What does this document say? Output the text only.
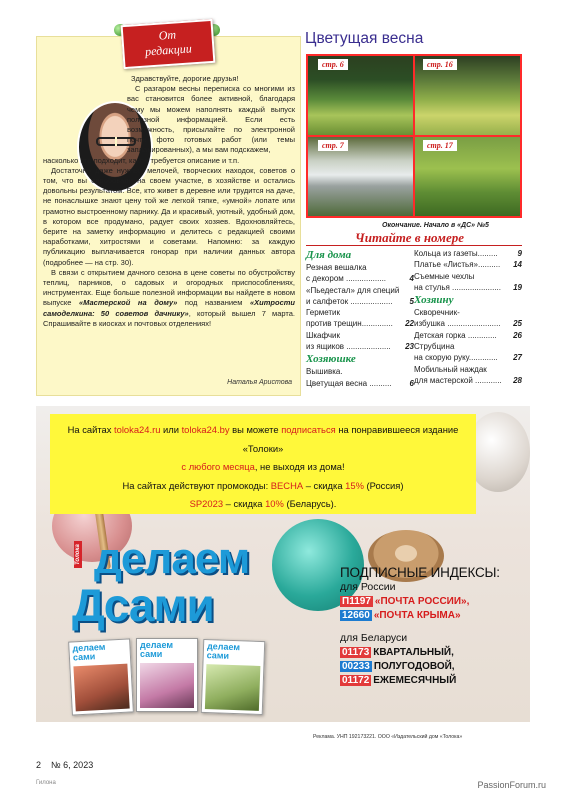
Здравствуйте, дорогие друзья!

С разгаром весны переписка со многими из вас становится более активной, благодаря чему мы можем наполнять каждый выпуск полезной информацией. Если есть возможность, присылайте по электронной почте фото готовых работ (или темы запланированных), а мы вам подскажем,

насколько это подходит, какое требуется описание и т.п.

Достаточно даже нужных мелочей, творческих находок, советов о том, что вы опробовали на своем участке, в хозяйстве и остались довольны результатом. Все, кто живет в деревне или трудится на даче, не понаслышке знают цену той же легкой тяпке, «умной» лопате или грамотно выстроенному парнику. Да и красивый, уютный, удобный дом, в котором все продумано, радует своих хозяев. Вдохновляйтесь, берите на заметку информацию и делитесь с редакцией своими наработками, хитростями и советами. Напомню: за каждую публикацию выплачивается гонорар при наличии данных автора (подробнее — на стр. 30).

В связи с открытием дачного сезона в цене советы по обустройству теплиц, парников, о садовых и огородных приспособлениях, инструментах. Еще больше полезной информации вы найдете в новом выпуске «Мастерской на дому» под названием «Хитрости самоделкина: 50 советов дачнику», который вышел 7 марта. Спрашивайте в киосках и почтовых отделениях!

Наталья Аристова
От
редакции
Цветущая весна
стр. 6	стр. 16
стр. 7	стр. 17
Окончание. Начало в «ДС» №5
Читайте в номере
Для дома
Резная вешалка
с декором ..................	4
«Пьедестал» для специй
и салфеток ...................	5
Герметик
против трещин..............	22
Шкафчик
из ящиков ....................	23
Хозяюшке
Вышивка.
Цветущая весна ..........	6
Кольца из газеты.........	9
Платье «Листья»..........	14
Съемные чехлы
на стулья ......................	19
Хозяину
Скворечник-
избушка ........................	25
Детская горка .............	26
Струбцина
на скорую руку.............	27
Мобильный наждак
для мастерской ............	28
На сайтах toloka24.ru или toloka24.by вы можете подписаться на понравившееся издание «Толоки»
с любого месяца, не выходя из дома!
На сайтах действуют промокоды: ВЕСНА – скидка 15% (Россия)
SP2023 – скидка 10% (Беларусь).
делаем
Дсами
Толока
делаем сами
делаем сами
делаем сами
ПОДПИСНЫЕ ИНДЕКСЫ:
для России
П1197 «ПОЧТА РОССИИ»,
12660 «ПОЧТА КРЫМА»
для Беларуси
01173 КВАРТАЛЬНЫЙ,
00233 ПОЛУГОДОВОЙ,
01172 ЕЖЕМЕСЯЧНЫЙ
Реклама. УНП 192173221. ООО «Издательский дом «Толока»
2 № 6, 2023
Гилона	PassionForum.ru
